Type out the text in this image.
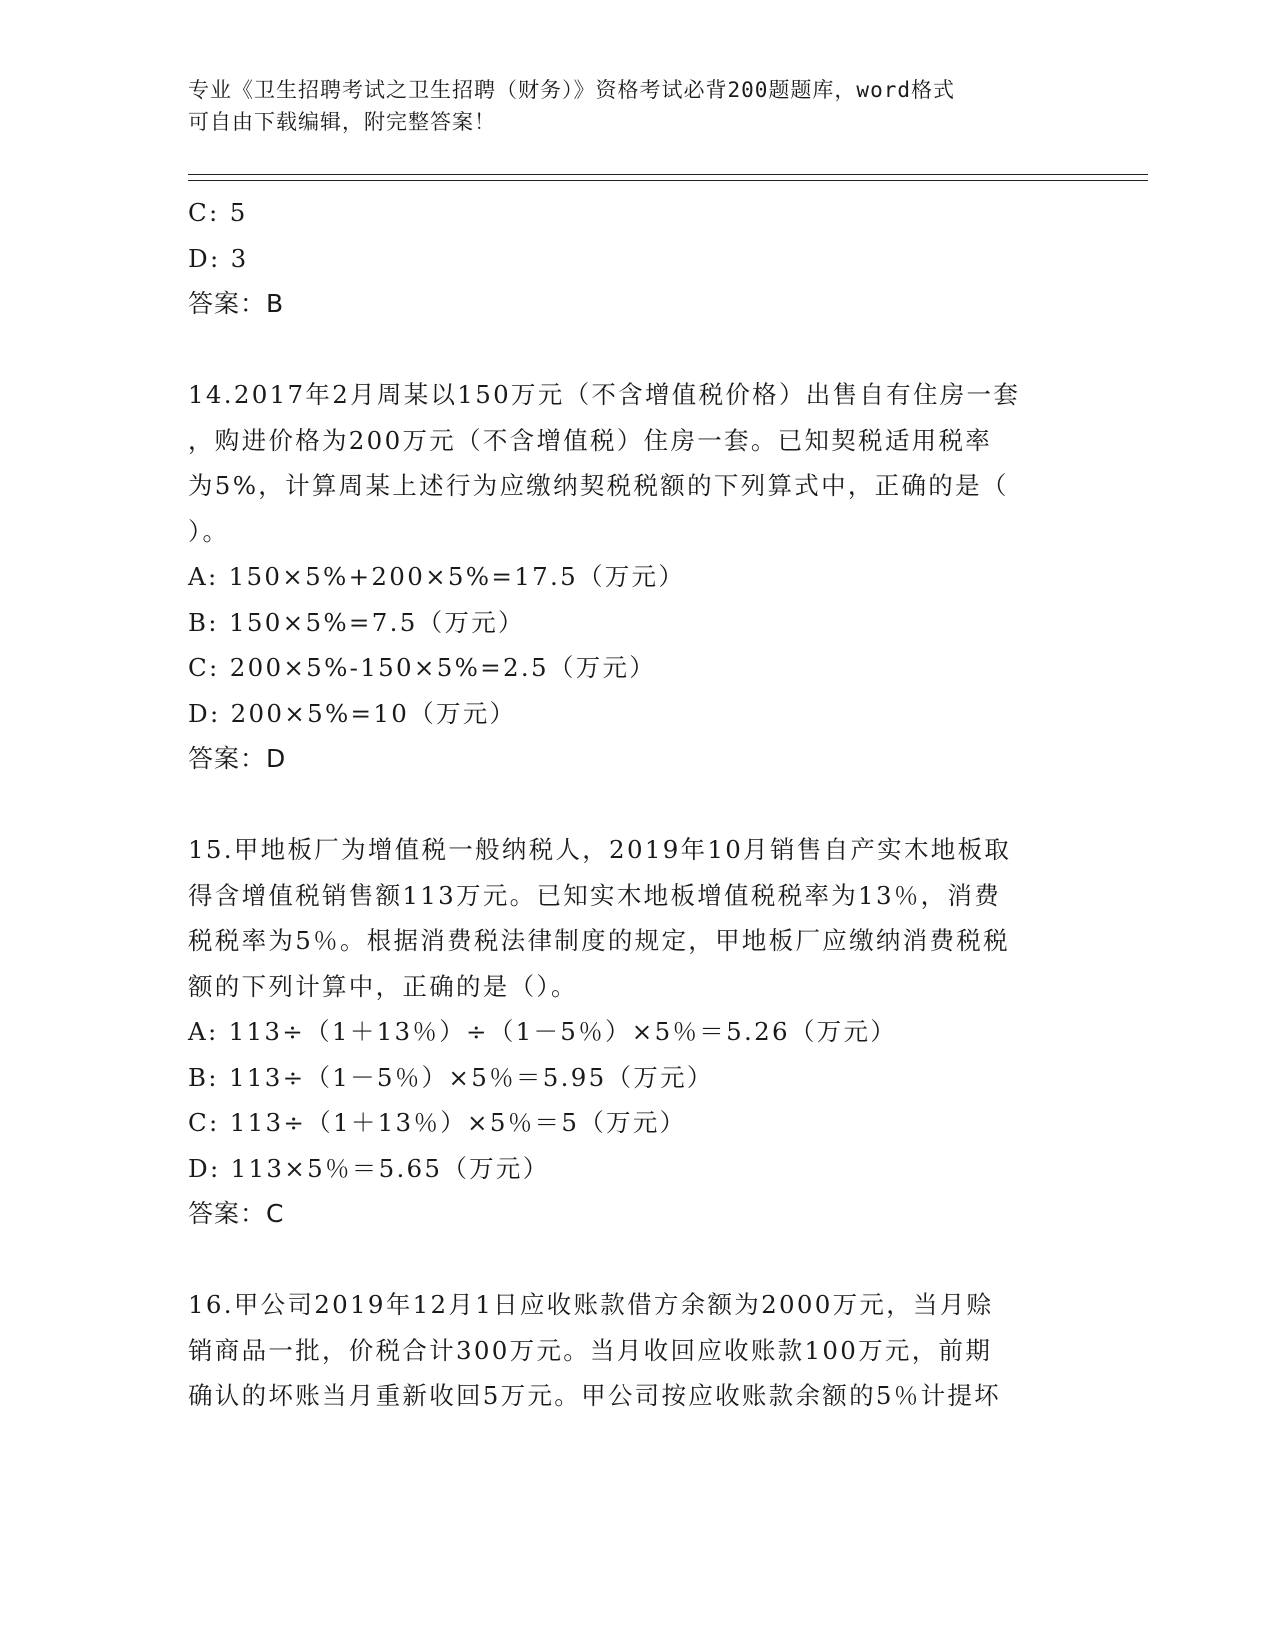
专业《卫生招聘考试之卫生招聘（财务）》资格考试必背200题题库，word格式
可自由下载编辑，附完整答案！
C: 5
D: 3
答案：B
14.2017年2月周某以150万元（不含增值税价格）出售自有住房一套
，购进价格为200万元（不含增值税）住房一套。已知契税适用税率
为5%，计算周某上述行为应缴纳契税税额的下列算式中，正确的是（
）。
A: 150×5%+200×5%=17.5（万元）
B: 150×5%=7.5（万元）
C: 200×5%-150×5%=2.5（万元）
D: 200×5%=10（万元）
答案：D
15.甲地板厂为增值税一般纳税人，2019年10月销售自产实木地板取
得含增值税销售额113万元。已知实木地板增值税税率为13％，消费
税税率为5％。根据消费税法律制度的规定，甲地板厂应缴纳消费税税
额的下列计算中，正确的是（）。
A: 113÷（1＋13％）÷（1－5％）×5％＝5.26（万元）
B: 113÷（1－5％）×5％＝5.95（万元）
C: 113÷（1＋13％）×5％＝5（万元）
D: 113×5％＝5.65（万元）
答案：C
16.甲公司2019年12月1日应收账款借方余额为2000万元，当月赊
销商品一批，价税合计300万元。当月收回应收账款100万元，前期
确认的坏账当月重新收回5万元。甲公司按应收账款余额的5％计提坏
